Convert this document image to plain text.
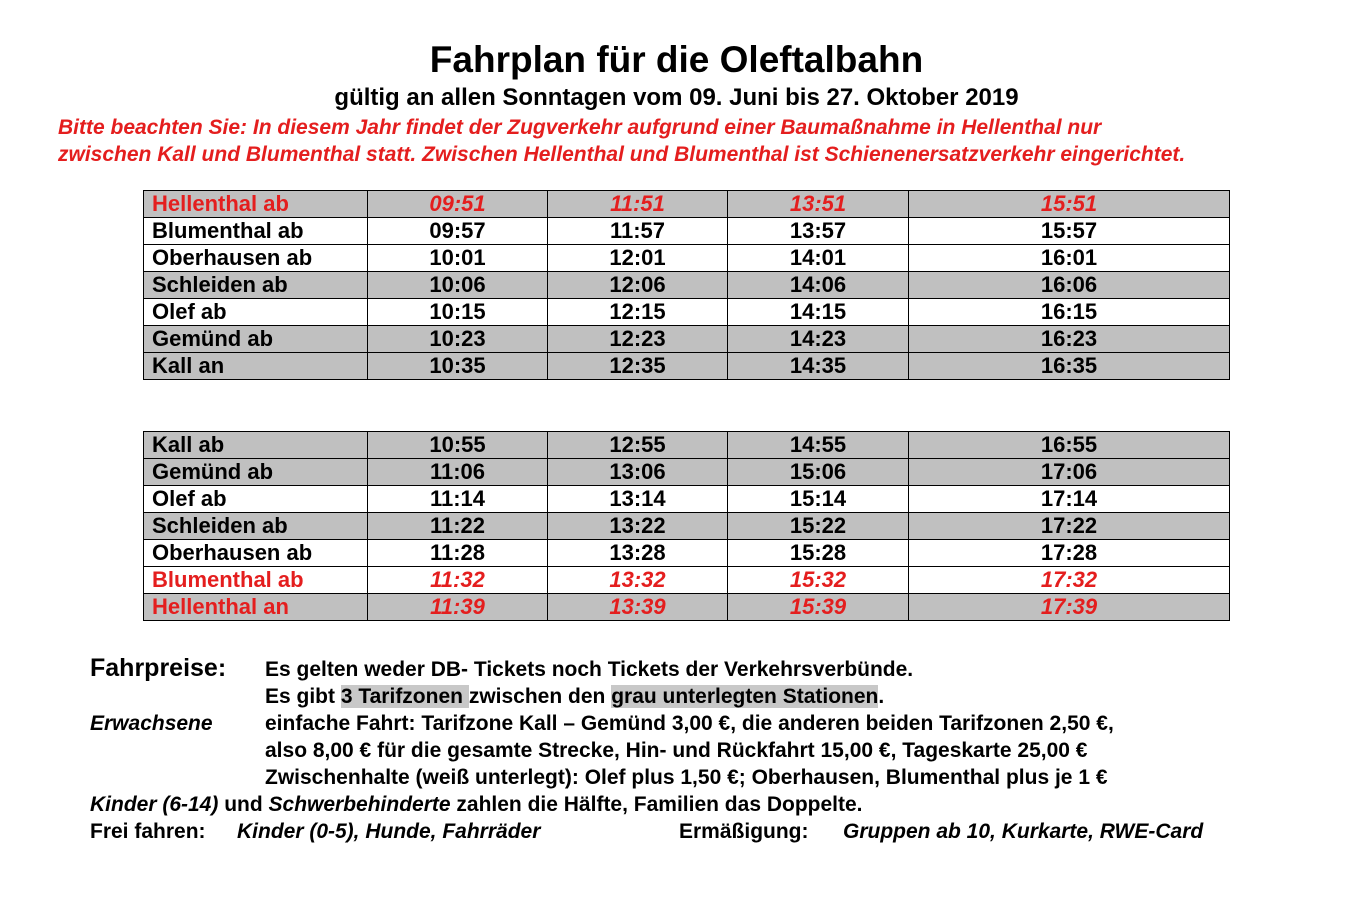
Fahrplan für die Oleftalbahn
gültig an allen Sonntagen vom 09. Juni bis 27. Oktober 2019
Bitte beachten Sie: In diesem Jahr findet der Zugverkehr aufgrund einer Baumaßnahme in Hellenthal nur
zwischen Kall und Blumenthal statt. Zwischen Hellenthal und Blumenthal ist Schienenersatzverkehr eingerichtet.
Hellenthal ab	09:51	11:51	13:51	15:51
Blumenthal ab	09:57	11:57	13:57	15:57
Oberhausen ab	10:01	12:01	14:01	16:01
Schleiden ab	10:06	12:06	14:06	16:06
Olef ab	10:15	12:15	14:15	16:15
Gemünd ab	10:23	12:23	14:23	16:23
Kall an	10:35	12:35	14:35	16:35
Kall ab	10:55	12:55	14:55	16:55
Gemünd ab	11:06	13:06	15:06	17:06
Olef ab	11:14	13:14	15:14	17:14
Schleiden ab	11:22	13:22	15:22	17:22
Oberhausen ab	11:28	13:28	15:28	17:28
Blumenthal ab	11:32	13:32	15:32	17:32
Hellenthal an	11:39	13:39	15:39	17:39
Fahrpreise: Es gelten weder DB- Tickets noch Tickets der Verkehrsverbünde.
Es gibt 3 Tarifzonen zwischen den grau unterlegten Stationen.
Erwachsene einfache Fahrt: Tarifzone Kall – Gemünd 3,00 €, die anderen beiden Tarifzonen 2,50 €,
also 8,00 € für die gesamte Strecke, Hin- und Rückfahrt 15,00 €, Tageskarte 25,00 €
Zwischenhalte (weiß unterlegt): Olef plus 1,50 €; Oberhausen, Blumenthal plus je 1 €
Kinder (6-14) und Schwerbehinderte zahlen die Hälfte, Familien das Doppelte.
Frei fahren: Kinder (0-5), Hunde, Fahrräder	Ermäßigung: Gruppen ab 10, Kurkarte, RWE-Card
